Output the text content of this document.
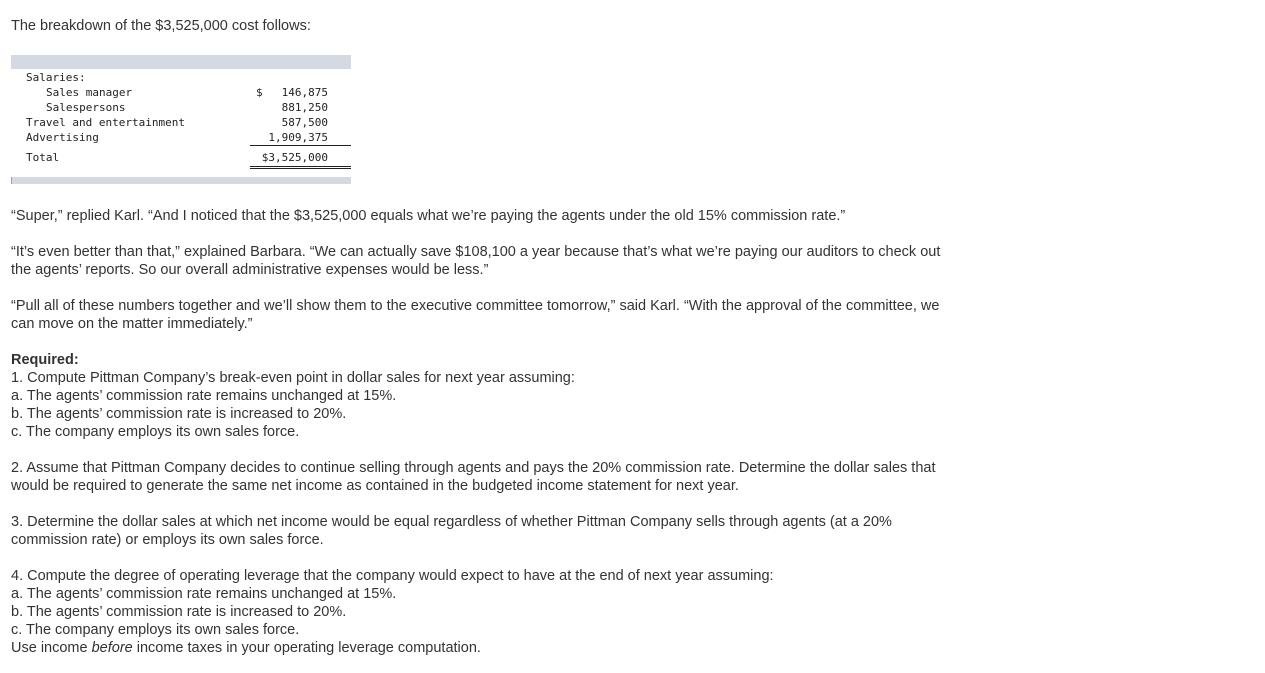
The breakdown of the $3,525,000 cost follows:

Salaries:
Sales manager	$ 146,875
Salespersons	881,250
Travel and entertainment	587,500
Advertising	1,909,375
Total	$3,525,000

“Super,” replied Karl. “And I noticed that the $3,525,000 equals what we’re paying the agents under the old 15% commission rate.”

“It’s even better than that,” explained Barbara. “We can actually save $108,100 a year because that’s what we’re paying our auditors to check out the agents’ reports. So our overall administrative expenses would be less.”

“Pull all of these numbers together and we’ll show them to the executive committee tomorrow,” said Karl. “With the approval of the committee, we can move on the matter immediately.”

Required:
1. Compute Pittman Company’s break-even point in dollar sales for next year assuming:
a. The agents’ commission rate remains unchanged at 15%.
b. The agents’ commission rate is increased to 20%.
c. The company employs its own sales force.

2. Assume that Pittman Company decides to continue selling through agents and pays the 20% commission rate. Determine the dollar sales that would be required to generate the same net income as contained in the budgeted income statement for next year.

3. Determine the dollar sales at which net income would be equal regardless of whether Pittman Company sells through agents (at a 20% commission rate) or employs its own sales force.

4. Compute the degree of operating leverage that the company would expect to have at the end of next year assuming:
a. The agents’ commission rate remains unchanged at 15%.
b. The agents’ commission rate is increased to 20%.
c. The company employs its own sales force.
Use income before income taxes in your operating leverage computation.
